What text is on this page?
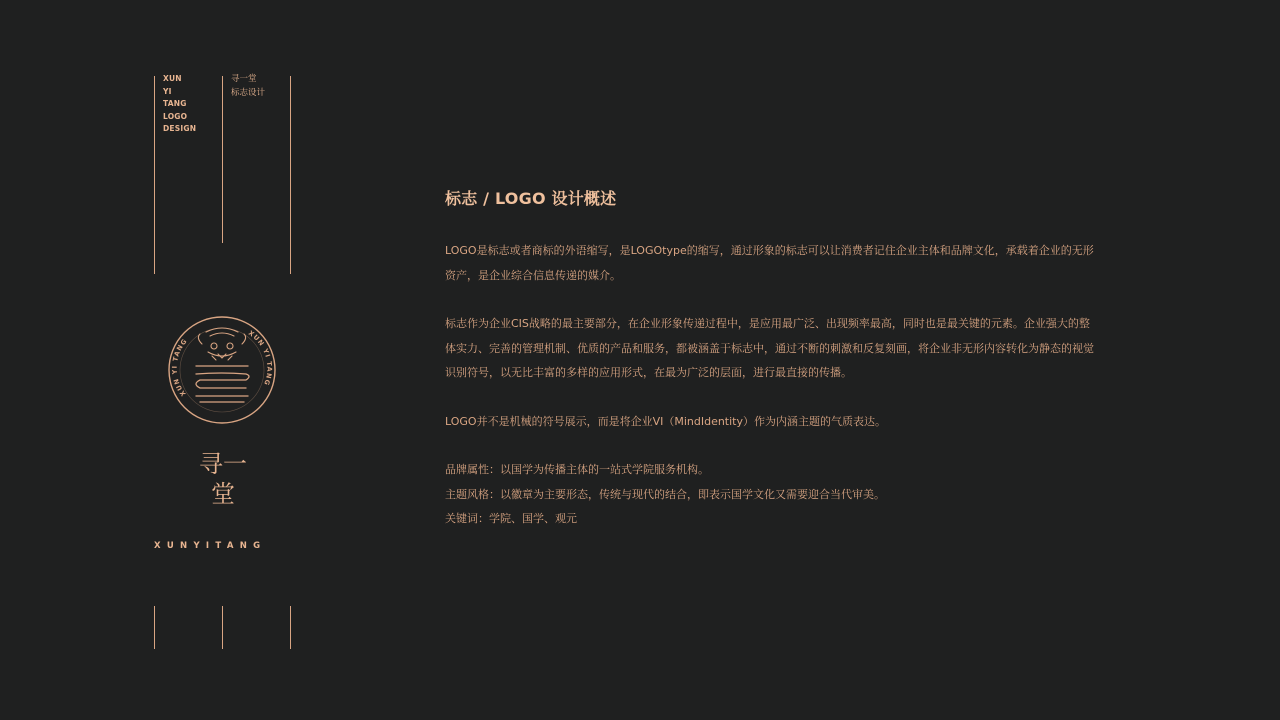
XUN
YI
TANG
LOGO
DESIGN
寻一堂
标志设计
XUN YI TANG
XUN YI TANG
寻一堂
XUNYITANG
标志 / LOGO 设计概述

LOGO是标志或者商标的外语缩写，是LOGOtype的缩写，通过形象的标志可以让消费者记住企业主体和品牌文化，承载着企业的无形资产，是企业综合信息传递的媒介。

标志作为企业CIS战略的最主要部分，在企业形象传递过程中，是应用最广泛、出现频率最高，同时也是最关键的元素。企业强大的整体实力、完善的管理机制、优质的产品和服务，都被涵盖于标志中，通过不断的刺激和反复刻画，将企业非无形内容转化为静态的视觉识别符号，以无比丰富的多样的应用形式，在最为广泛的层面，进行最直接的传播。

LOGO并不是机械的符号展示，而是将企业VI（MindIdentity）作为内涵主题的气质表达。

品牌属性：以国学为传播主体的一站式学院服务机构。

主题风格：以徽章为主要形态，传统与现代的结合，即表示国学文化又需要迎合当代审美。

关键词：学院、国学、观元
